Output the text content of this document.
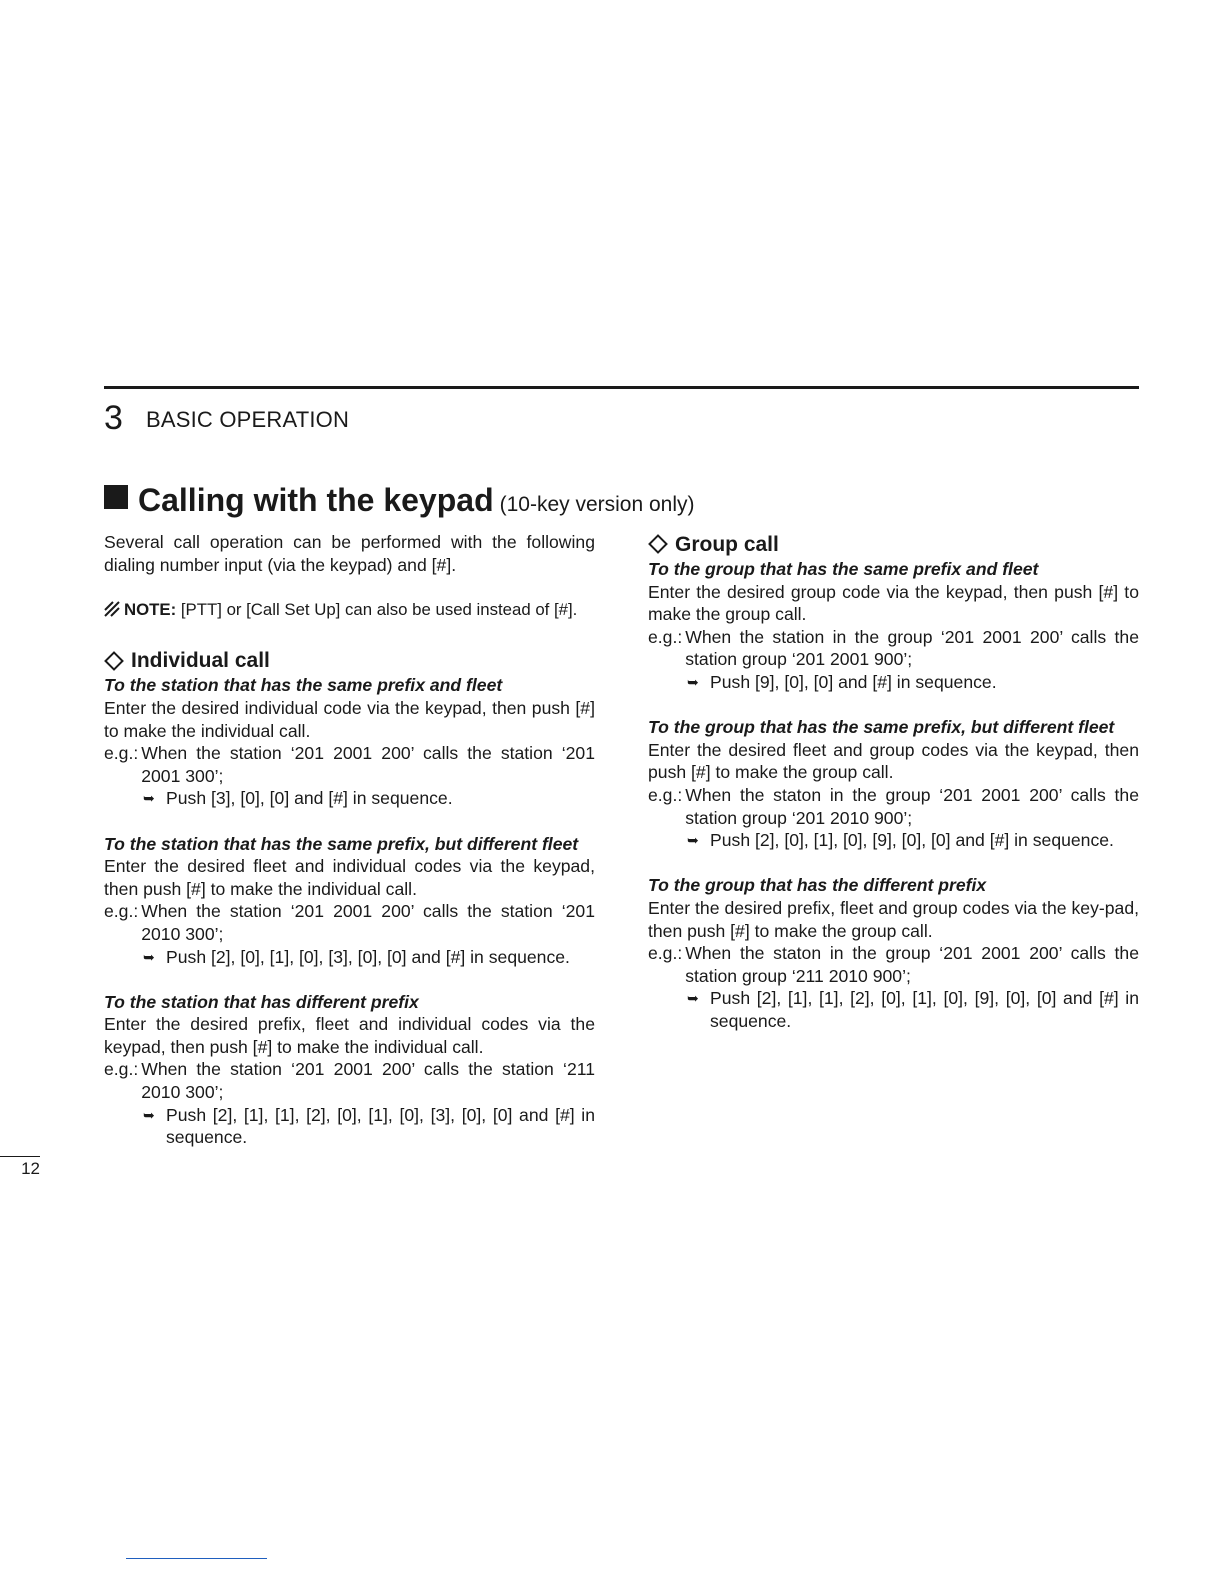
3 BASIC OPERATION
Calling with the keypad (10-key version only)

Several call operation can be performed with the following dialing number input (via the keypad) and [#].

NOTE: [PTT] or [Call Set Up] can also be used instead of [#].

Individual call

To the station that has the same prefix and fleet

Enter the desired individual code via the keypad, then push [#] to make the individual call.

e.g.: When the station ‘201 2001 200’ calls the station ‘201 2001 300’;
➥ Push [3], [0], [0] and [#] in sequence.

To the station that has the same prefix, but different fleet

Enter the desired fleet and individual codes via the keypad, then push [#] to make the individual call.

e.g.: When the station ‘201 2001 200’ calls the station ‘201 2010 300’;
➥ Push [2], [0], [1], [0], [3], [0], [0] and [#] in sequence.

To the station that has different prefix

Enter the desired prefix, fleet and individual codes via the keypad, then push [#] to make the individual call.

e.g.: When the station ‘201 2001 200’ calls the station ‘211 2010 300’;
➥ Push [2], [1], [1], [2], [0], [1], [0], [3], [0], [0] and [#] in sequence.

Group call

To the group that has the same prefix and fleet

Enter the desired group code via the keypad, then push [#] to make the group call.

e.g.: When the station in the group ‘201 2001 200’ calls the station group ‘201 2001 900’;
➥ Push [9], [0], [0] and [#] in sequence.

To the group that has the same prefix, but different fleet

Enter the desired fleet and group codes via the keypad, then push [#] to make the group call.

e.g.: When the staton in the group ‘201 2001 200’ calls the station group ‘201 2010 900’;
➥ Push [2], [0], [1], [0], [9], [0], [0] and [#] in sequence.

To the group that has the different prefix

Enter the desired prefix, fleet and group codes via the key-pad, then push [#] to make the group call.

e.g.: When the staton in the group ‘201 2001 200’ calls the station group ‘211 2010 900’;
➥ Push [2], [1], [1], [2], [0], [1], [0], [9], [0], [0] and [#] in sequence.
12
